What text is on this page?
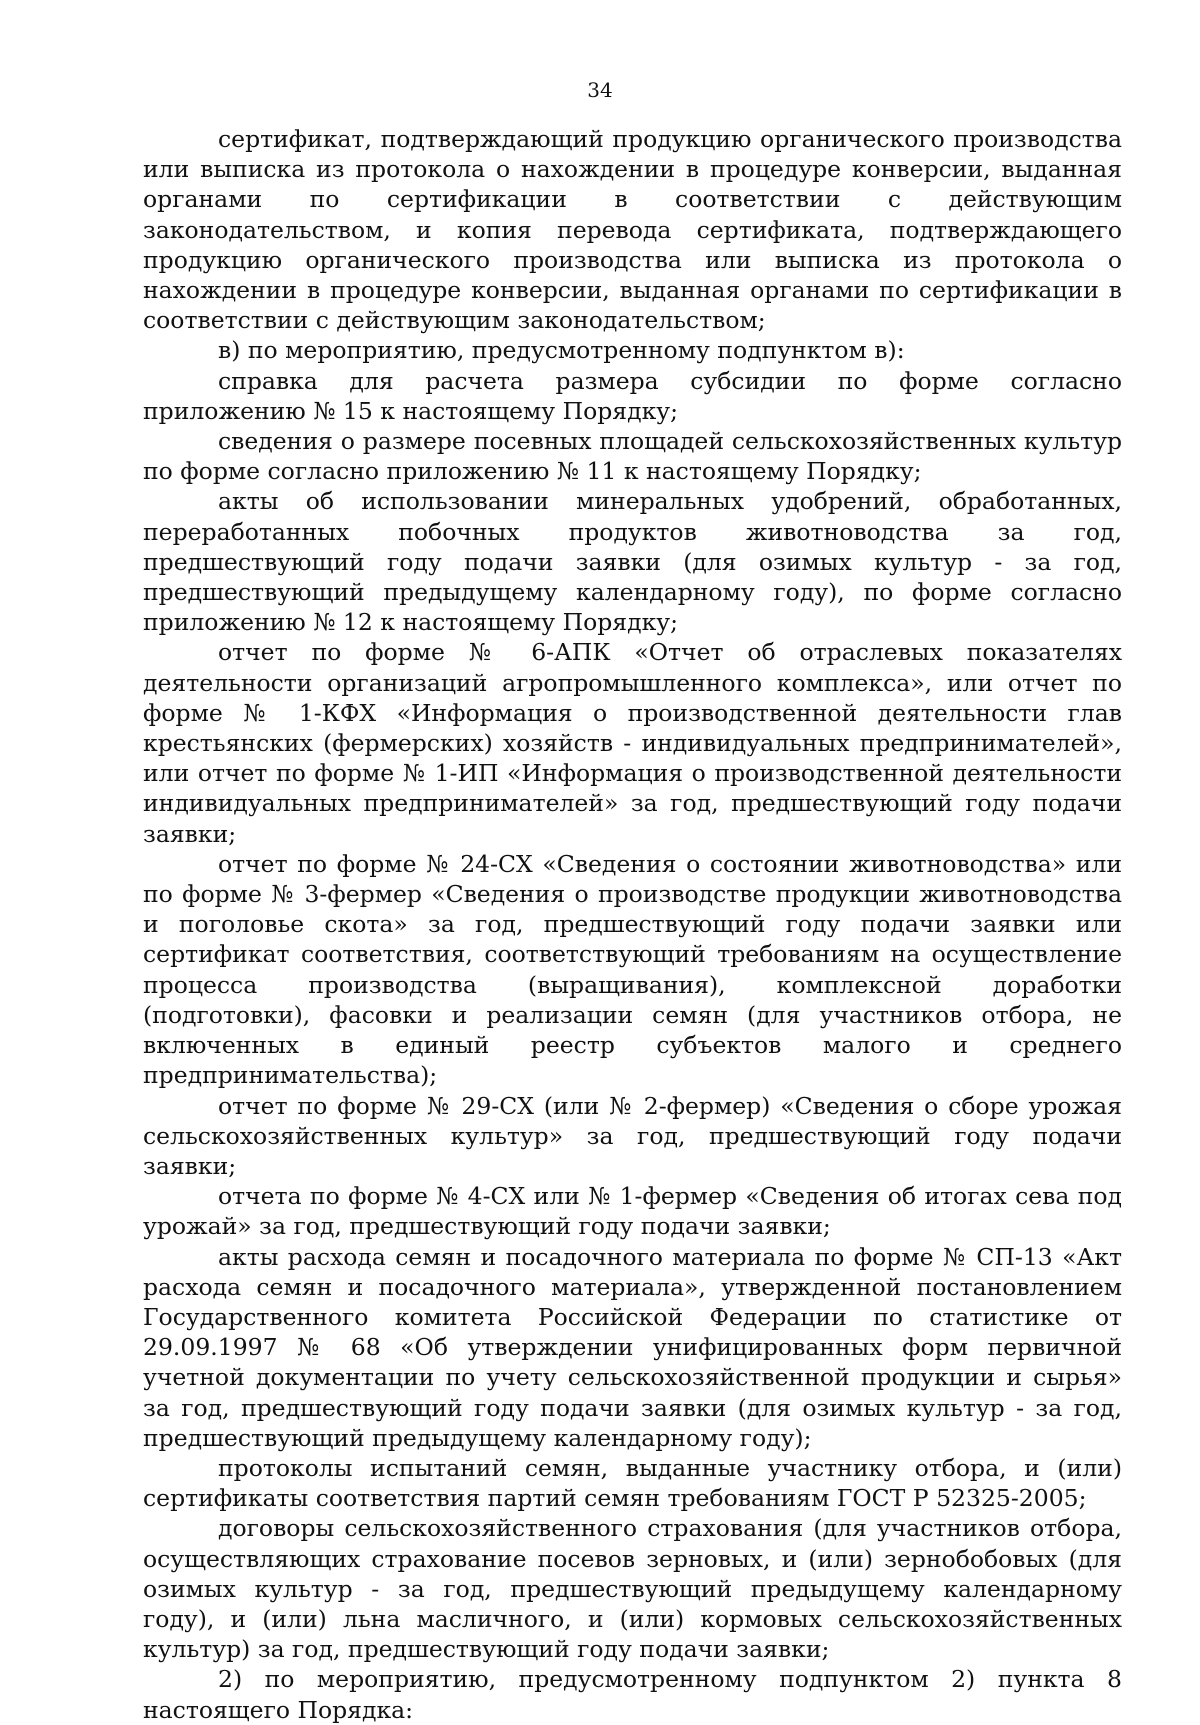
34

сертификат, подтверждающий продукцию органического производства или выписка из протокола о нахождении в процедуре конверсии, выданная органами по сертификации в соответствии с действующим законодательством, и копия перевода сертификата, подтверждающего продукцию органического производства или выписка из протокола о нахождении в процедуре конверсии, выданная органами по сертификации в соответствии с действующим законодательством;

в) по мероприятию, предусмотренному подпунктом в):

справка для расчета размера субсидии по форме согласно приложению № 15 к настоящему Порядку;

сведения о размере посевных площадей сельскохозяйственных культур по форме согласно приложению № 11 к настоящему Порядку;

акты об использовании минеральных удобрений, обработанных, переработанных побочных продуктов животноводства за год, предшествующий году подачи заявки (для озимых культур - за год, предшествующий предыдущему календарному году), по форме согласно приложению № 12 к настоящему Порядку;

отчет по форме № 6-АПК «Отчет об отраслевых показателях деятельности организаций агропромышленного комплекса», или отчет по форме № 1-КФХ «Информация о производственной деятельности глав крестьянских (фермерских) хозяйств - индивидуальных предпринимателей», или отчет по форме № 1-ИП «Информация о производственной деятельности индивидуальных предпринимателей» за год, предшествующий году подачи заявки;

отчет по форме № 24-СХ «Сведения о состоянии животноводства» или по форме № 3-фермер «Сведения о производстве продукции животноводства и поголовье скота» за год, предшествующий году подачи заявки или сертификат соответствия, соответствующий требованиям на осуществление процесса производства (выращивания), комплексной доработки (подготовки), фасовки и реализации семян (для участников отбора, не включенных в единый реестр субъектов малого и среднего предпринимательства);

отчет по форме № 29-СХ (или № 2-фермер) «Сведения о сборе урожая сельскохозяйственных культур» за год, предшествующий году подачи заявки;

отчета по форме № 4-СХ или № 1-фермер «Сведения об итогах сева под урожай» за год, предшествующий году подачи заявки;

акты расхода семян и посадочного материала по форме № СП-13 «Акт расхода семян и посадочного материала», утвержденной постановлением Государственного комитета Российской Федерации по статистике от 29.09.1997 № 68 «Об утверждении унифицированных форм первичной учетной документации по учету сельскохозяйственной продукции и сырья» за год, предшествующий году подачи заявки (для озимых культур - за год, предшествующий предыдущему календарному году);

протоколы испытаний семян, выданные участнику отбора, и (или) сертификаты соответствия партий семян требованиям ГОСТ Р 52325-2005;

договоры сельскохозяйственного страхования (для участников отбора, осуществляющих страхование посевов зерновых, и (или) зернобобовых (для озимых культур - за год, предшествующий предыдущему календарному году), и (или) льна масличного, и (или) кормовых сельскохозяйственных культур) за год, предшествующий году подачи заявки;

2) по мероприятию, предусмотренному подпунктом 2) пункта 8 настоящего Порядка:
